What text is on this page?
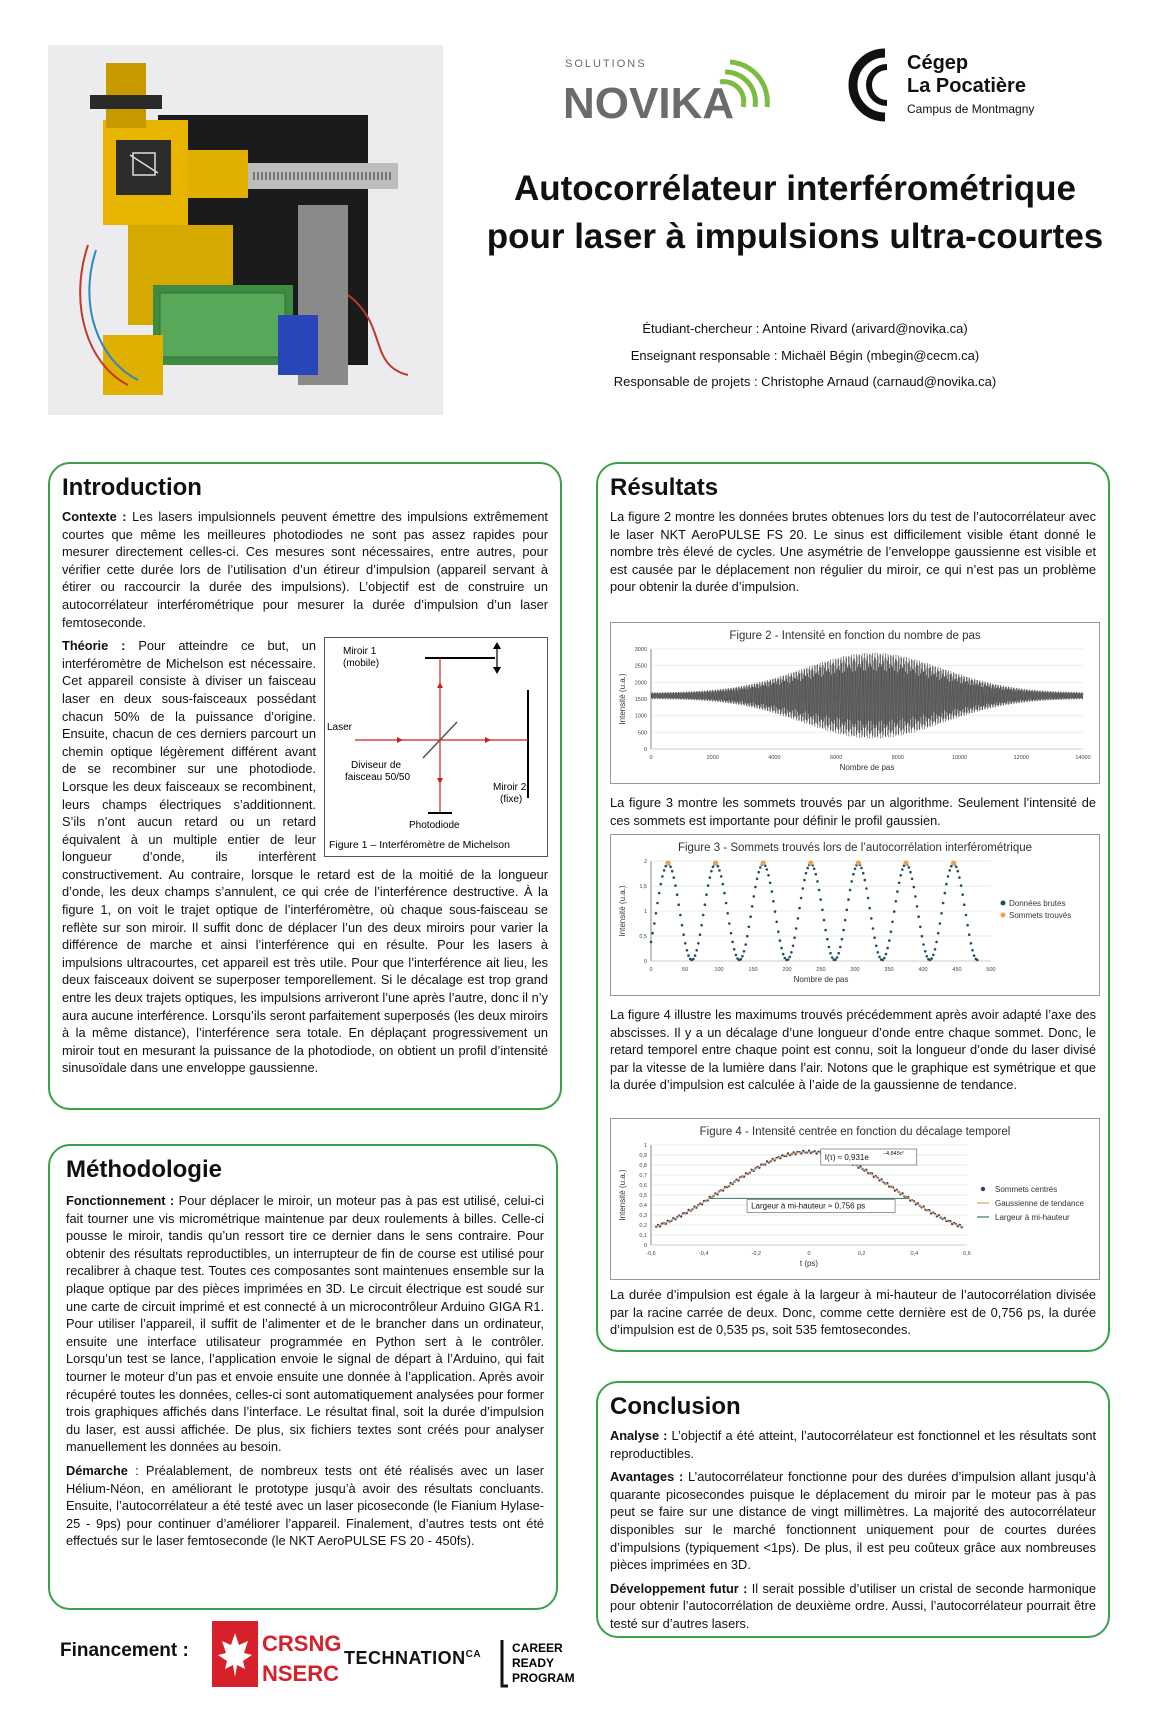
SOLUTIONS
NOVIKA
Cégep
La Pocatière
Campus de Montmagny
Autocorrélateur interférométrique
pour laser à impulsions ultra-courtes
Étudiant-chercheur : Antoine Rivard (arivard@novika.ca)
Enseignant responsable : Michaël Bégin (mbegin@cecm.ca)
Responsable de projets : Christophe Arnaud (carnaud@novika.ca)
Introduction

Contexte : Les lasers impulsionnels peuvent émettre des impulsions extrêmement courtes que même les meilleures photodiodes ne sont pas assez rapides pour mesurer directement celles-ci. Ces mesures sont nécessaires, entre autres, pour vérifier cette durée lors de l’utilisation d’un étireur d’impulsion (appareil servant à étirer ou raccourcir la durée des impulsions). L’objectif est de construire un autocorrélateur interférométrique pour mesurer la durée d’impulsion d’un laser femtoseconde.

Miroir 1
(mobile)
Laser
Diviseur de
faisceau 50/50
Miroir 2
(fixe)
Photodiode
Figure 1 – Interféromètre de Michelson

Théorie : Pour atteindre ce but, un interféromètre de Michelson est nécessaire. Cet appareil consiste à diviser un faisceau laser en deux sous-faisceaux possédant chacun 50% de la puissance d’origine. Ensuite, chacun de ces derniers parcourt un chemin optique légèrement différent avant de se recombiner sur une photodiode. Lorsque les deux faisceaux se recombinent, leurs champs électriques s’additionnent. S’ils n’ont aucun retard ou un retard équivalent à un multiple entier de leur longueur d’onde, ils interfèrent constructivement. Au contraire, lorsque le retard est de la moitié de la longueur d’onde, les deux champs s’annulent, ce qui crée de l’interférence destructive. À la figure 1, on voit le trajet optique de l’interféromètre, où chaque sous-faisceau se reflète sur son miroir. Il suffit donc de déplacer l’un des deux miroirs pour varier la différence de marche et ainsi l’interférence qui en résulte. Pour les lasers à impulsions ultracourtes, cet appareil est très utile. Pour que l’interférence ait lieu, les deux faisceaux doivent se superposer temporellement. Si le décalage est trop grand entre les deux trajets optiques, les impulsions arriveront l’une après l’autre, donc il n’y aura aucune interférence. Lorsqu’ils seront parfaitement superposés (les deux miroirs à la même distance), l’interférence sera totale. En déplaçant progressivement un miroir tout en mesurant la puissance de la photodiode, on obtient un profil d’intensité sinusoïdale dans une enveloppe gaussienne.

Méthodologie

Fonctionnement : Pour déplacer le miroir, un moteur pas à pas est utilisé, celui-ci fait tourner une vis micrométrique maintenue par deux roulements à billes. Celle-ci pousse le miroir, tandis qu’un ressort tire ce dernier dans le sens contraire. Pour obtenir des résultats reproductibles, un interrupteur de fin de course est utilisé pour recalibrer à chaque test. Toutes ces composantes sont maintenues ensemble sur la plaque optique par des pièces imprimées en 3D. Le circuit électrique est soudé sur une carte de circuit imprimé et est connecté à un microcontrôleur Arduino GIGA R1. Pour utiliser l’appareil, il suffit de l’alimenter et de le brancher dans un ordinateur, ensuite une interface utilisateur programmée en Python sert à le contrôler. Lorsqu’un test se lance, l’application envoie le signal de départ à l’Arduino, qui fait tourner le moteur d’un pas et envoie ensuite une donnée à l’application. Après avoir récupéré toutes les données, celles-ci sont automatiquement analysées pour former trois graphiques affichés dans l’interface. Le résultat final, soit la durée d’impulsion du laser, est aussi affichée. De plus, six fichiers textes sont créés pour analyser manuellement les données au besoin.

Démarche : Préalablement, de nombreux tests ont été réalisés avec un laser Hélium-Néon, en améliorant le prototype jusqu’à avoir des résultats concluants. Ensuite, l’autocorrélateur a été testé avec un laser picoseconde (le Fianium Hylase-25 - 9ps) pour continuer d’améliorer l’appareil. Finalement, d’autres tests ont été effectués sur le laser femtoseconde (le NKT AeroPULSE FS 20 - 450fs).

Résultats
La figure 2 montre les données brutes obtenues lors du test de l’autocorrélateur avec le laser NKT AeroPULSE FS 20. Le sinus est difficilement visible étant donné le nombre très élevé de cycles. Une asymétrie de l’enveloppe gaussienne est visible et est causée par le déplacement non régulier du miroir, ce qui n’est pas un problème pour obtenir la durée d’impulsion.
Figure 2 - Intensité en fonction du nombre de pas
0	2000	4000	6000	8000	10000	12000	14000
0
500
1000
1500
2000
2500
3000
Nombre de pas
Intensité (u.a.)
La figure 3 montre les sommets trouvés par un algorithme. Seulement l’intensité de ces sommets est importante pour définir le profil gaussien.
Figure 3 - Sommets trouvés lors de l’autocorrélation interférométrique
0	50	100	150	200	250	300	350	400	450	500
0
0,5
1
1,5
2
Nombre de pas
Intensité (u.a.)	Données brutes
Sommets trouvés
La figure 4 illustre les maximums trouvés précédemment après avoir adapté l’axe des abscisses. Il y a un décalage d’une longueur d’onde entre chaque sommet. Donc, le retard temporel entre chaque point est connu, soit la longueur d’onde du laser divisé par la vitesse de la lumière dans l’air. Notons que le graphique est symétrique et que la durée d’impulsion est calculée à l’aide de la gaussienne de tendance.
Figure 4 - Intensité centrée en fonction du décalage temporel
-0,6	-0,4	-0,2	0	0,2	0,4	0,6
0
0,1
0,2
0,3
0,4
0,5
0,6
0,7
0,8
0,9
1
t (ps)
Intensité (u.a.)	Largeur à mi-hauteur ≈ 0,756 ps
I(τ) ≈ 0,931e	−4,845τ²
Sommets centrés
Gaussienne de tendance
Largeur à mi-hauteur
La durée d’impulsion est égale à la largeur à mi-hauteur de l’autocorrélation divisée par la racine carrée de deux. Donc, comme cette dernière est de 0,756 ps, la durée d’impulsion est de 0,535 ps, soit 535 femtosecondes.
Conclusion

Analyse : L’objectif a été atteint, l’autocorrélateur est fonctionnel et les résultats sont reproductibles.

Avantages : L’autocorrélateur fonctionne pour des durées d’impulsion allant jusqu’à quarante picosecondes puisque le déplacement du miroir par le moteur pas à pas peut se faire sur une distance de vingt millimètres. La majorité des autocorrélateur disponibles sur le marché fonctionnent uniquement pour de courtes durées d’impulsions (typiquement <1ps). De plus, il est peu coûteux grâce aux nombreuses pièces imprimées en 3D.

Développement futur : Il serait possible d’utiliser un cristal de seconde harmonique pour obtenir l’autocorrélation de deuxième ordre. Aussi, l’autocorrélateur pourrait être testé sur d’autres lasers.

Financement :	CRSNG
NSERC
$TECHNATION^{CA}$	CAREER
READY
PROGRAM
